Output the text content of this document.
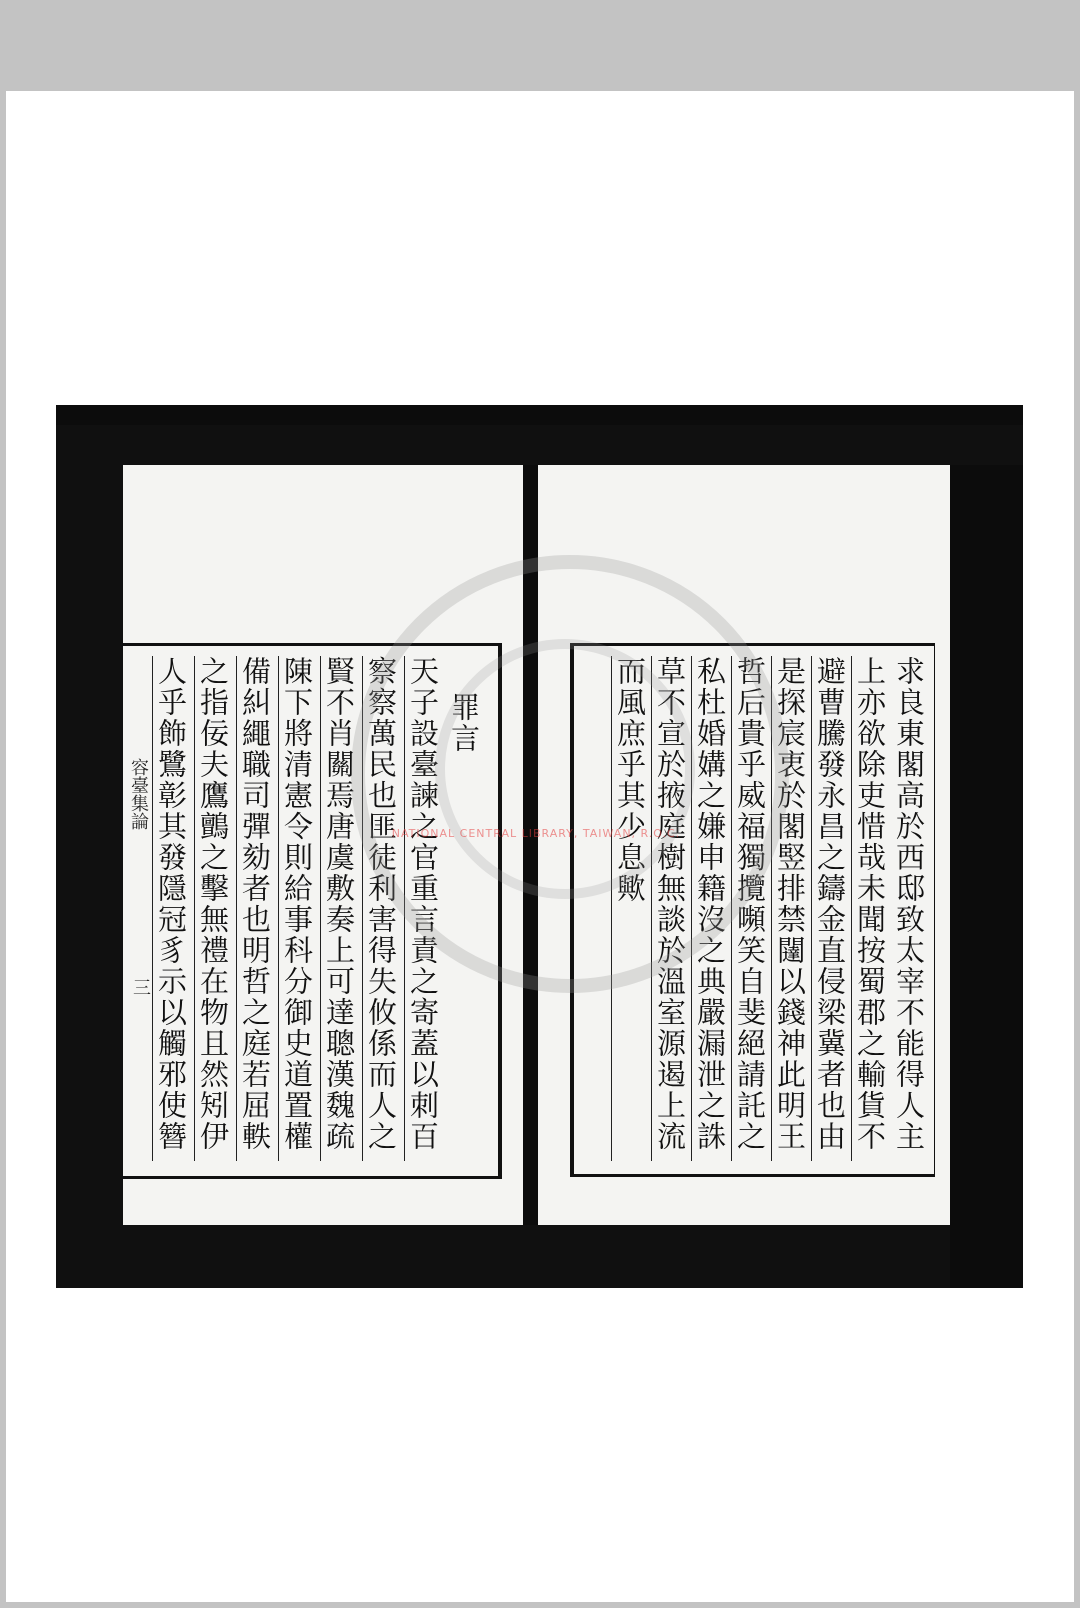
罪言
天子設臺諫之官重言責之寄蓋以刺百
察察萬民也匪徒利害得失攸係而人之
賢不肖關焉唐虞敷奏上可達聰漢魏疏
陳下將清憲令則給事科分御史道置權
備糾繩職司彈劾者也明哲之庭若屈軼
之指佞夫鷹鸇之擊無禮在物且然矧伊
人乎飾鷺彰其發隱冠豸示以觸邪使簪
容臺集論
三	求良東閣高於西邸致太宰不能得人主
上亦欲除吏惜哉未聞按蜀郡之輸貨不
避曹騰發永昌之鑄金直侵梁冀者也由
是探宸衷於閣竪排禁闥以錢神此明王
哲后貴乎威福獨攬嚬笑自斐絕請託之
私杜婚媾之嫌申籍沒之典嚴漏泄之誅
草不宣於掖庭樹無談於溫室源遏上流
而風庶乎其少息歟
NATIONAL CENTRAL LIBRARY, TAIWAN, R.O.C.
